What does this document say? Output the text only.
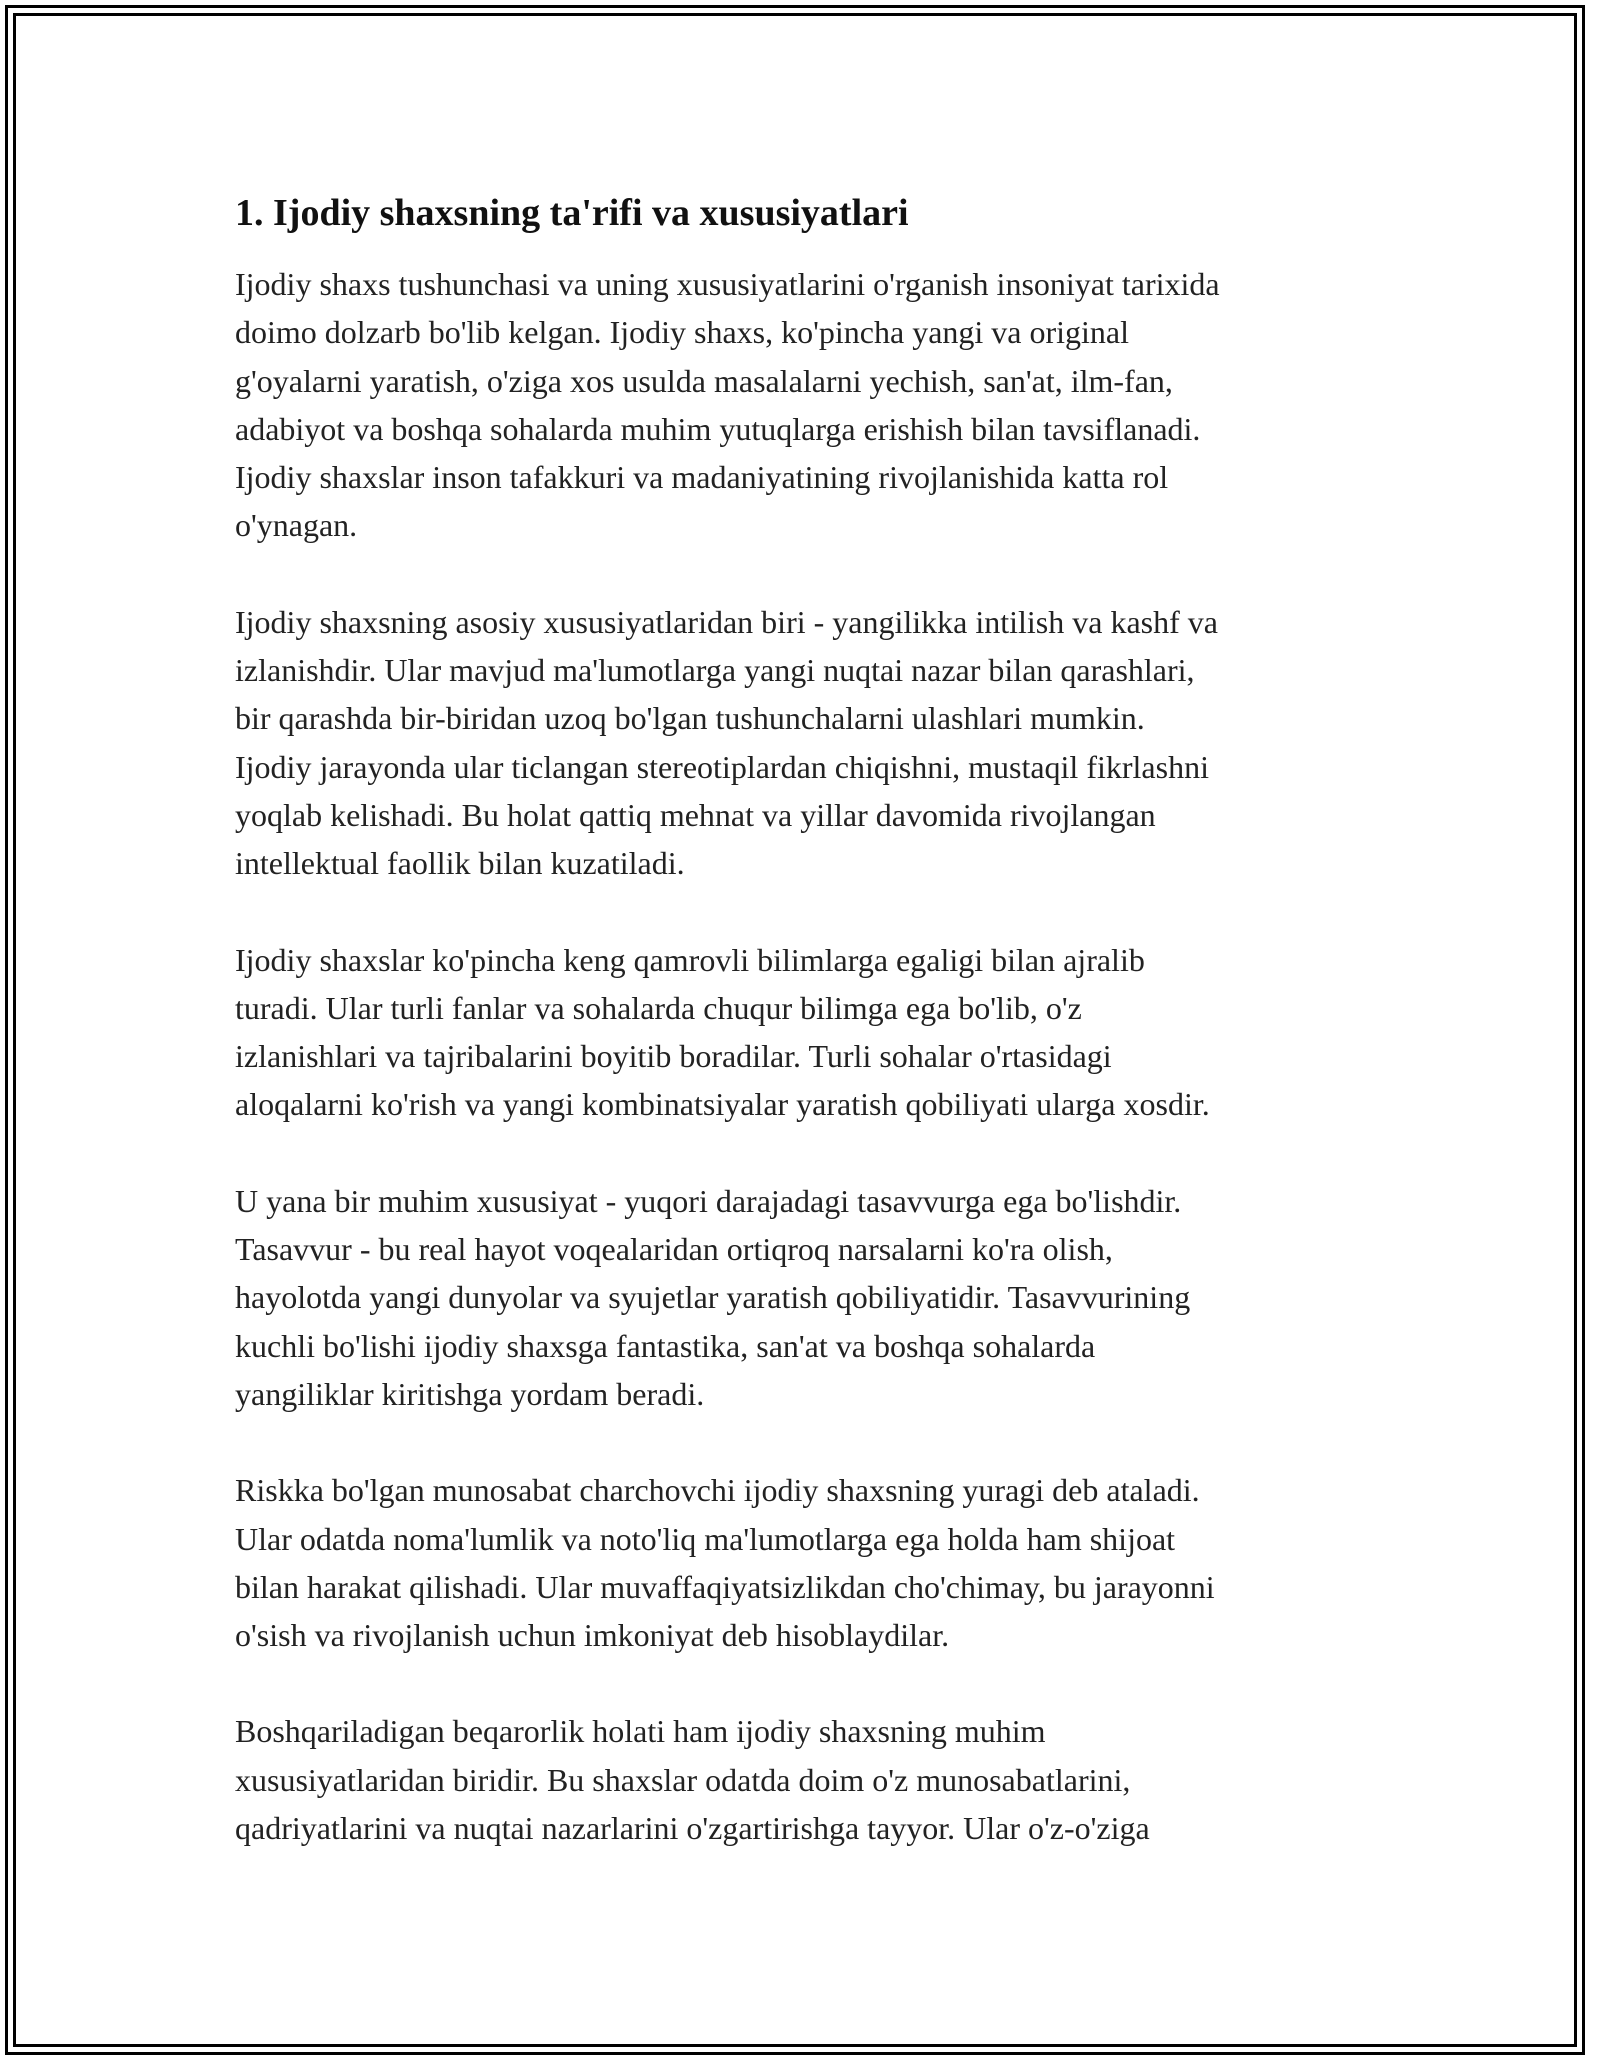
1. Ijodiy shaxsning ta'rifi va xususiyatlari
Ijodiy shaxs tushunchasi va uning xususiyatlarini o'rganish insoniyat tarixida
doimo dolzarb bo'lib kelgan. Ijodiy shaxs, ko'pincha yangi va original
g'oyalarni yaratish, o'ziga xos usulda masalalarni yechish, san'at, ilm-fan,
adabiyot va boshqa sohalarda muhim yutuqlarga erishish bilan tavsiflanadi.
Ijodiy shaxslar inson tafakkuri va madaniyatining rivojlanishida katta rol
o'ynagan.
Ijodiy shaxsning asosiy xususiyatlaridan biri - yangilikka intilish va kashf va
izlanishdir. Ular mavjud ma'lumotlarga yangi nuqtai nazar bilan qarashlari,
bir qarashda bir-biridan uzoq bo'lgan tushunchalarni ulashlari mumkin.
Ijodiy jarayonda ular ticlangan stereotiplardan chiqishni, mustaqil fikrlashni
yoqlab kelishadi. Bu holat qattiq mehnat va yillar davomida rivojlangan
intellektual faollik bilan kuzatiladi.
Ijodiy shaxslar ko'pincha keng qamrovli bilimlarga egaligi bilan ajralib
turadi. Ular turli fanlar va sohalarda chuqur bilimga ega bo'lib, o'z
izlanishlari va tajribalarini boyitib boradilar. Turli sohalar o'rtasidagi
aloqalarni ko'rish va yangi kombinatsiyalar yaratish qobiliyati ularga xosdir.
U yana bir muhim xususiyat - yuqori darajadagi tasavvurga ega bo'lishdir.
Tasavvur - bu real hayot voqealaridan ortiqroq narsalarni ko'ra olish,
hayolotda yangi dunyolar va syujetlar yaratish qobiliyatidir. Tasavvurining
kuchli bo'lishi ijodiy shaxsga fantastika, san'at va boshqa sohalarda
yangiliklar kiritishga yordam beradi.
Riskka bo'lgan munosabat charchovchi ijodiy shaxsning yuragi deb ataladi.
Ular odatda noma'lumlik va noto'liq ma'lumotlarga ega holda ham shijoat
bilan harakat qilishadi. Ular muvaffaqiyatsizlikdan cho'chimay, bu jarayonni
o'sish va rivojlanish uchun imkoniyat deb hisoblaydilar.
Boshqariladigan beqarorlik holati ham ijodiy shaxsning muhim
xususiyatlaridan biridir. Bu shaxslar odatda doim o'z munosabatlarini,
qadriyatlarini va nuqtai nazarlarini o'zgartirishga tayyor. Ular o'z-o'ziga
